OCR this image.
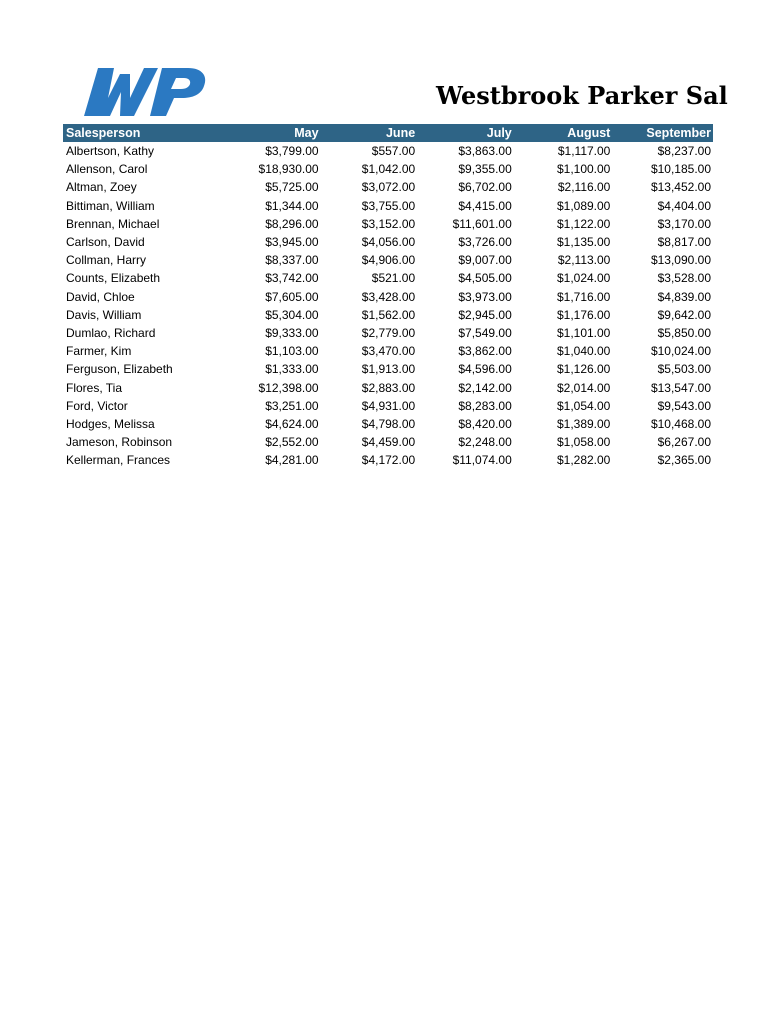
Westbrook Parker Sal
Salesperson	May	June	July	August	September
Albertson, Kathy	$3,799.00	$557.00	$3,863.00	$1,117.00	$8,237.00
Allenson, Carol	$18,930.00	$1,042.00	$9,355.00	$1,100.00	$10,185.00
Altman, Zoey	$5,725.00	$3,072.00	$6,702.00	$2,116.00	$13,452.00
Bittiman, William	$1,344.00	$3,755.00	$4,415.00	$1,089.00	$4,404.00
Brennan, Michael	$8,296.00	$3,152.00	$11,601.00	$1,122.00	$3,170.00
Carlson, David	$3,945.00	$4,056.00	$3,726.00	$1,135.00	$8,817.00
Collman, Harry	$8,337.00	$4,906.00	$9,007.00	$2,113.00	$13,090.00
Counts, Elizabeth	$3,742.00	$521.00	$4,505.00	$1,024.00	$3,528.00
David, Chloe	$7,605.00	$3,428.00	$3,973.00	$1,716.00	$4,839.00
Davis, William	$5,304.00	$1,562.00	$2,945.00	$1,176.00	$9,642.00
Dumlao, Richard	$9,333.00	$2,779.00	$7,549.00	$1,101.00	$5,850.00
Farmer, Kim	$1,103.00	$3,470.00	$3,862.00	$1,040.00	$10,024.00
Ferguson, Elizabeth	$1,333.00	$1,913.00	$4,596.00	$1,126.00	$5,503.00
Flores, Tia	$12,398.00	$2,883.00	$2,142.00	$2,014.00	$13,547.00
Ford, Victor	$3,251.00	$4,931.00	$8,283.00	$1,054.00	$9,543.00
Hodges, Melissa	$4,624.00	$4,798.00	$8,420.00	$1,389.00	$10,468.00
Jameson, Robinson	$2,552.00	$4,459.00	$2,248.00	$1,058.00	$6,267.00
Kellerman, Frances	$4,281.00	$4,172.00	$11,074.00	$1,282.00	$2,365.00
